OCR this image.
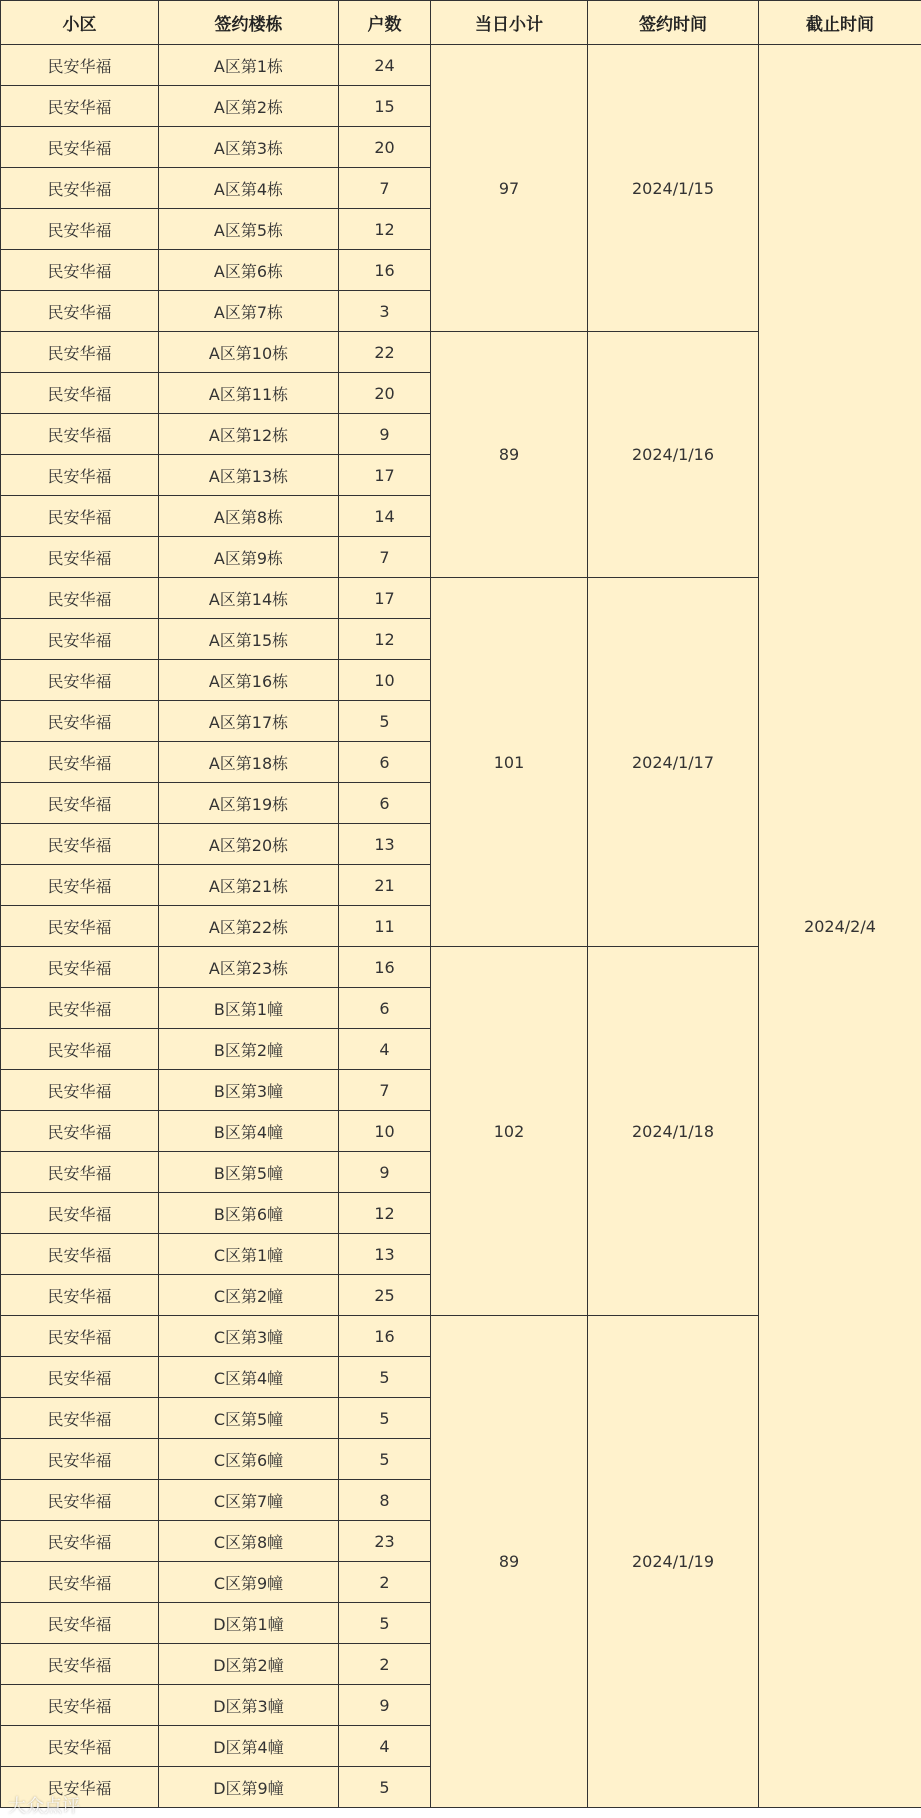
小区	签约楼栋	户数	当日小计	签约时间	截止时间
民安华福	A区第1栋	24	97	2024/1/15	2024/2/4
民安华福	A区第2栋	15			
民安华福	A区第3栋	20			
民安华福	A区第4栋	7			
民安华福	A区第5栋	12			
民安华福	A区第6栋	16			
民安华福	A区第7栋	3			
民安华福	A区第10栋	22	89	2024/1/16	
民安华福	A区第11栋	20			
民安华福	A区第12栋	9			
民安华福	A区第13栋	17			
民安华福	A区第8栋	14			
民安华福	A区第9栋	7			
民安华福	A区第14栋	17	101	2024/1/17	
民安华福	A区第15栋	12			
民安华福	A区第16栋	10			
民安华福	A区第17栋	5			
民安华福	A区第18栋	6			
民安华福	A区第19栋	6			
民安华福	A区第20栋	13			
民安华福	A区第21栋	21			
民安华福	A区第22栋	11			
民安华福	A区第23栋	16	102	2024/1/18	
民安华福	B区第1幢	6			
民安华福	B区第2幢	4			
民安华福	B区第3幢	7			
民安华福	B区第4幢	10			
民安华福	B区第5幢	9			
民安华福	B区第6幢	12			
民安华福	C区第1幢	13			
民安华福	C区第2幢	25			
民安华福	C区第3幢	16	89	2024/1/19	
民安华福	C区第4幢	5			
民安华福	C区第5幢	5			
民安华福	C区第6幢	5			
民安华福	C区第7幢	8			
民安华福	C区第8幢	23			
民安华福	C区第9幢	2			
民安华福	D区第1幢	5			
民安华福	D区第2幢	2			
民安华福	D区第3幢	9			
民安华福	D区第4幢	4			
民安华福	D区第9幢	5			
大众点评
